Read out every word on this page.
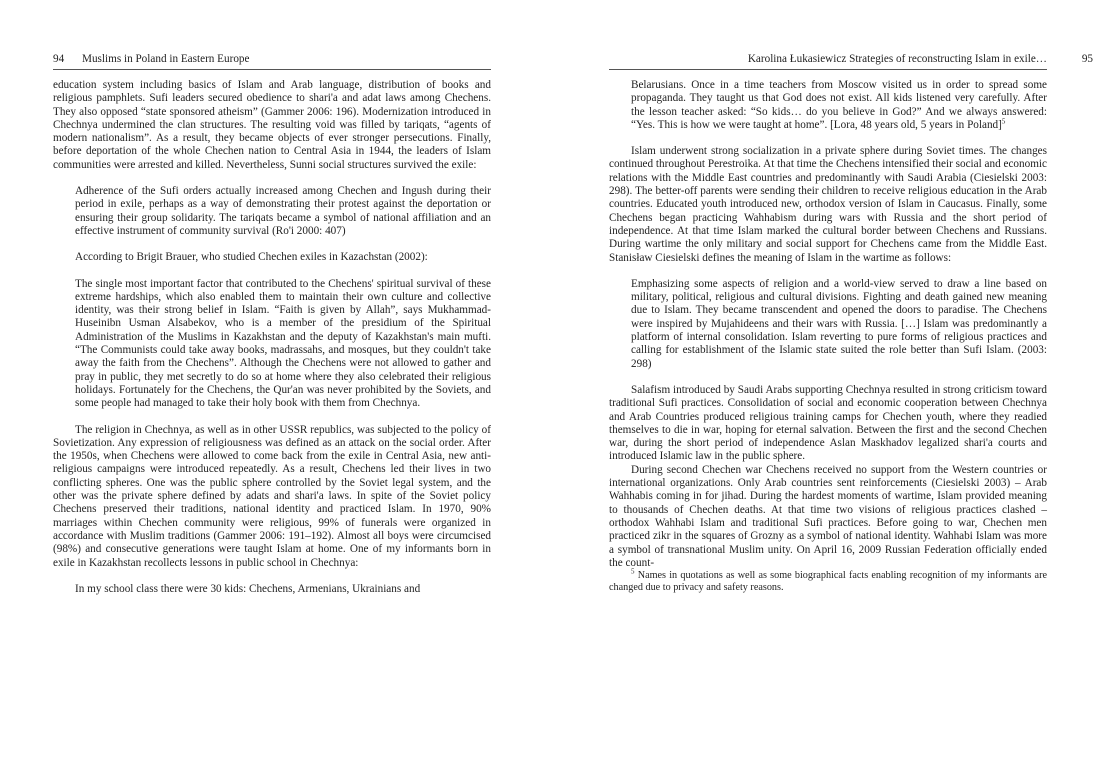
94 Muslims in Poland in Eastern Europe

education system including basics of Islam and Arab language, distribution of books and religious pamphlets. Sufi leaders secured obedience to shari'a and adat laws among Chechens. They also opposed “state sponsored atheism” (Gammer 2006: 196). Modernization introduced in Chechnya undermined the clan structures. The resulting void was filled by tariqats, “agents of modern nationalism”. As a result, they became objects of ever stronger persecutions. Finally, before deportation of the whole Chechen nation to Central Asia in 1944, the leaders of Islam communities were arrested and killed. Nevertheless, Sunni social structures survived the exile:

Adherence of the Sufi orders actually increased among Chechen and Ingush during their period in exile, perhaps as a way of demonstrating their protest against the deportation or ensuring their group solidarity. The tariqats became a symbol of national affiliation and an effective instrument of community survival (Ro'i 2000: 407)

According to Brigit Brauer, who studied Chechen exiles in Kazachstan (2002):

The single most important factor that contributed to the Chechens' spiritual survival of these extreme hardships, which also enabled them to maintain their own culture and collective identity, was their strong belief in Islam. “Faith is given by Allah”, says Mukhammad-Huseinibn Usman Alsabekov, who is a member of the presidium of the Spiritual Administration of the Muslims in Kazakhstan and the deputy of Kazakhstan's main mufti. “The Communists could take away books, madrassahs, and mosques, but they couldn't take away the faith from the Chechens”. Although the Chechens were not allowed to gather and pray in public, they met secretly to do so at home where they also celebrated their religious holidays. Fortunately for the Chechens, the Qur'an was never prohibited by the Soviets, and some people had managed to take their holy book with them from Chechnya.

The religion in Chechnya, as well as in other USSR republics, was subjected to the policy of Sovietization. Any expression of religiousness was defined as an attack on the social order. After the 1950s, when Chechens were allowed to come back from the exile in Central Asia, new anti-religious campaigns were introduced repeatedly. As a result, Chechens led their lives in two conflicting spheres. One was the public sphere controlled by the Soviet legal system, and the other was the private sphere defined by adats and shari'a laws. In spite of the Soviet policy Chechens preserved their traditions, national identity and practiced Islam. In 1970, 90% marriages within Chechen community were religious, 99% of funerals were organized in accordance with Muslim traditions (Gammer 2006: 191–192). Almost all boys were circumcised (98%) and consecutive generations were taught Islam at home. One of my informants born in exile in Kazakhstan recollects lessons in public school in Chechnya:

In my school class there were 30 kids: Chechens, Armenians, Ukrainians and

Karolina Łukasiewicz Strategies of reconstructing Islam in exile…	95

Belarusians. Once in a time teachers from Moscow visited us in order to spread some propaganda. They taught us that God does not exist. All kids listened very carefully. After the lesson teacher asked: “So kids… do you believe in God?” And we always answered: “Yes. This is how we were taught at home”. [Lora, 48 years old, 5 years in Poland]$^5$

Islam underwent strong socialization in a private sphere during Soviet times. The changes continued throughout Perestroika. At that time the Chechens intensified their social and economic relations with the Middle East countries and predominantly with Saudi Arabia (Ciesielski 2003: 298). The better-off parents were sending their children to receive religious education in the Arab countries. Educated youth introduced new, orthodox version of Islam in Caucasus. Finally, some Chechens began practicing Wahhabism during wars with Russia and the short period of independence. At that time Islam marked the cultural border between Chechens and Russians. During wartime the only military and social support for Chechens came from the Middle East. Stanisław Ciesielski defines the meaning of Islam in the wartime as follows:

Emphasizing some aspects of religion and a world-view served to draw a line based on military, political, religious and cultural divisions. Fighting and death gained new meaning due to Islam. They became transcendent and opened the doors to paradise. The Chechens were inspired by Mujahideens and their wars with Russia. […] Islam was predominantly a platform of internal consolidation. Islam reverting to pure forms of religious practices and calling for establishment of the Islamic state suited the role better than Sufi Islam. (2003: 298)

Salafism introduced by Saudi Arabs supporting Chechnya resulted in strong criticism toward traditional Sufi practices. Consolidation of social and economic cooperation between Chechnya and Arab Countries produced religious training camps for Chechen youth, where they readied themselves to die in war, hoping for eternal salvation. Between the first and the second Chechen war, during the short period of independence Aslan Maskhadov legalized shari'a courts and introduced Islamic law in the public sphere.

During second Chechen war Chechens received no support from the Western countries or international organizations. Only Arab countries sent reinforcements (Ciesielski 2003) – Arab Wahhabis coming in for jihad. During the hardest moments of wartime, Islam provided meaning to thousands of Chechen deaths. At that time two visions of religious practices clashed – orthodox Wahhabi Islam and traditional Sufi practices. Before going to war, Chechen men practiced zikr in the squares of Grozny as a symbol of national identity. Wahhabi Islam was more a symbol of transnational Muslim unity. On April 16, 2009 Russian Federation officially ended the count-

$^5$ Names in quotations as well as some biographical facts enabling recognition of my informants are changed due to privacy and safety reasons.
